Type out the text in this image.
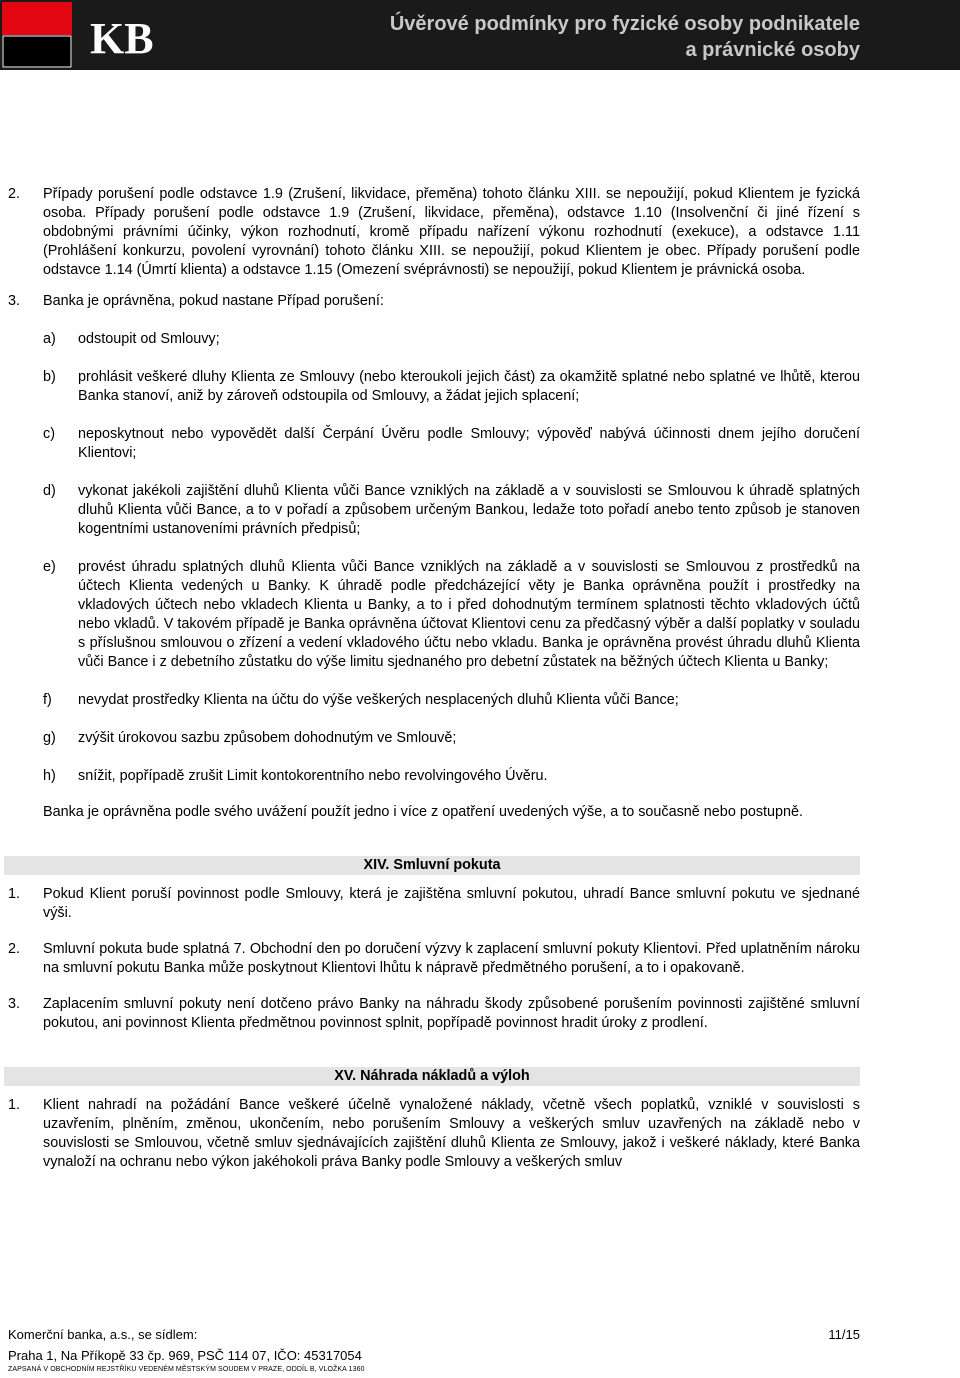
KB	Úvěrové podmínky pro fyzické osoby podnikatele
a právnické osoby
2.	Případy porušení podle odstavce 1.9 (Zrušení, likvidace, přeměna) tohoto článku XIII. se nepoužijí, pokud Klientem je fyzická osoba. Případy porušení podle odstavce 1.9 (Zrušení, likvidace, přeměna), odstavce 1.10 (Insolvenční či jiné řízení s obdobnými právními účinky, výkon rozhodnutí, kromě případu nařízení výkonu rozhodnutí (exekuce), a odstavce 1.11 (Prohlášení konkurzu, povolení vyrovnání) tohoto článku XIII. se nepoužijí, pokud Klientem je obec. Případy porušení podle odstavce 1.14 (Úmrtí klienta) a odstavce 1.15 (Omezení svéprávnosti) se nepoužijí, pokud Klientem je právnická osoba.
3.	Banka je oprávněna, pokud nastane Případ porušení:
a)	odstoupit od Smlouvy;
b)	prohlásit veškeré dluhy Klienta ze Smlouvy (nebo kteroukoli jejich část) za okamžitě splatné nebo splatné ve lhůtě, kterou Banka stanoví, aniž by zároveň odstoupila od Smlouvy, a žádat jejich splacení;
c)	neposkytnout nebo vypovědět další Čerpání Úvěru podle Smlouvy; výpověď nabývá účinnosti dnem jejího doručení Klientovi;
d)	vykonat jakékoli zajištění dluhů Klienta vůči Bance vzniklých na základě a v souvislosti se Smlouvou k úhradě splatných dluhů Klienta vůči Bance, a to v pořadí a způsobem určeným Bankou, ledaže toto pořadí anebo tento způsob je stanoven kogentními ustanoveními právních předpisů;
e)	provést úhradu splatných dluhů Klienta vůči Bance vzniklých na základě a v souvislosti se Smlouvou z prostředků na účtech Klienta vedených u Banky. K úhradě podle předcházející věty je Banka oprávněna použít i prostředky na vkladových účtech nebo vkladech Klienta u Banky, a to i před dohodnutým termínem splatnosti těchto vkladových účtů nebo vkladů. V takovém případě je Banka oprávněna účtovat Klientovi cenu za předčasný výběr a další poplatky v souladu s příslušnou smlouvou o zřízení a vedení vkladového účtu nebo vkladu. Banka je oprávněna provést úhradu dluhů Klienta vůči Bance i z debetního zůstatku do výše limitu sjednaného pro debetní zůstatek na běžných účtech Klienta u Banky;
f)	nevydat prostředky Klienta na účtu do výše veškerých nesplacených dluhů Klienta vůči Bance;
g)	zvýšit úrokovou sazbu způsobem dohodnutým ve Smlouvě;
h)	snížit, popřípadě zrušit Limit kontokorentního nebo revolvingového Úvěru.
Banka je oprávněna podle svého uvážení použít jedno i více z opatření uvedených výše, a to současně nebo postupně.
XIV. Smluvní pokuta
1.	Pokud Klient poruší povinnost podle Smlouvy, která je zajištěna smluvní pokutou, uhradí Bance smluvní pokutu ve sjednané výši.
2.	Smluvní pokuta bude splatná 7. Obchodní den po doručení výzvy k zaplacení smluvní pokuty Klientovi. Před uplatněním nároku na smluvní pokutu Banka může poskytnout Klientovi lhůtu k nápravě předmětného porušení, a to i opakovaně.
3.	Zaplacením smluvní pokuty není dotčeno právo Banky na náhradu škody způsobené porušením povinnosti zajištěné smluvní pokutou, ani povinnost Klienta předmětnou povinnost splnit, popřípadě povinnost hradit úroky z prodlení.
XV. Náhrada nákladů a výloh
1.	Klient nahradí na požádání Bance veškeré účelně vynaložené náklady, včetně všech poplatků, vzniklé v souvislosti s uzavřením, plněním, změnou, ukončením, nebo porušením Smlouvy a veškerých smluv uzavřených na základě nebo v souvislosti se Smlouvou, včetně smluv sjednávajících zajištění dluhů Klienta ze Smlouvy, jakož i veškeré náklady, které Banka vynaloží na ochranu nebo výkon jakéhokoli práva Banky podle Smlouvy a veškerých smluv
Komerční banka, a.s., se sídlem:	11/15
Praha 1, Na Příkopě 33 čp. 969, PSČ 114 07, IČO: 45317054
ZAPSANÁ V OBCHODNÍM REJSTŘÍKU VEDENÉM MĚSTSKÝM SOUDEM V PRAZE, ODDÍL B, VLOŽKA 1360
